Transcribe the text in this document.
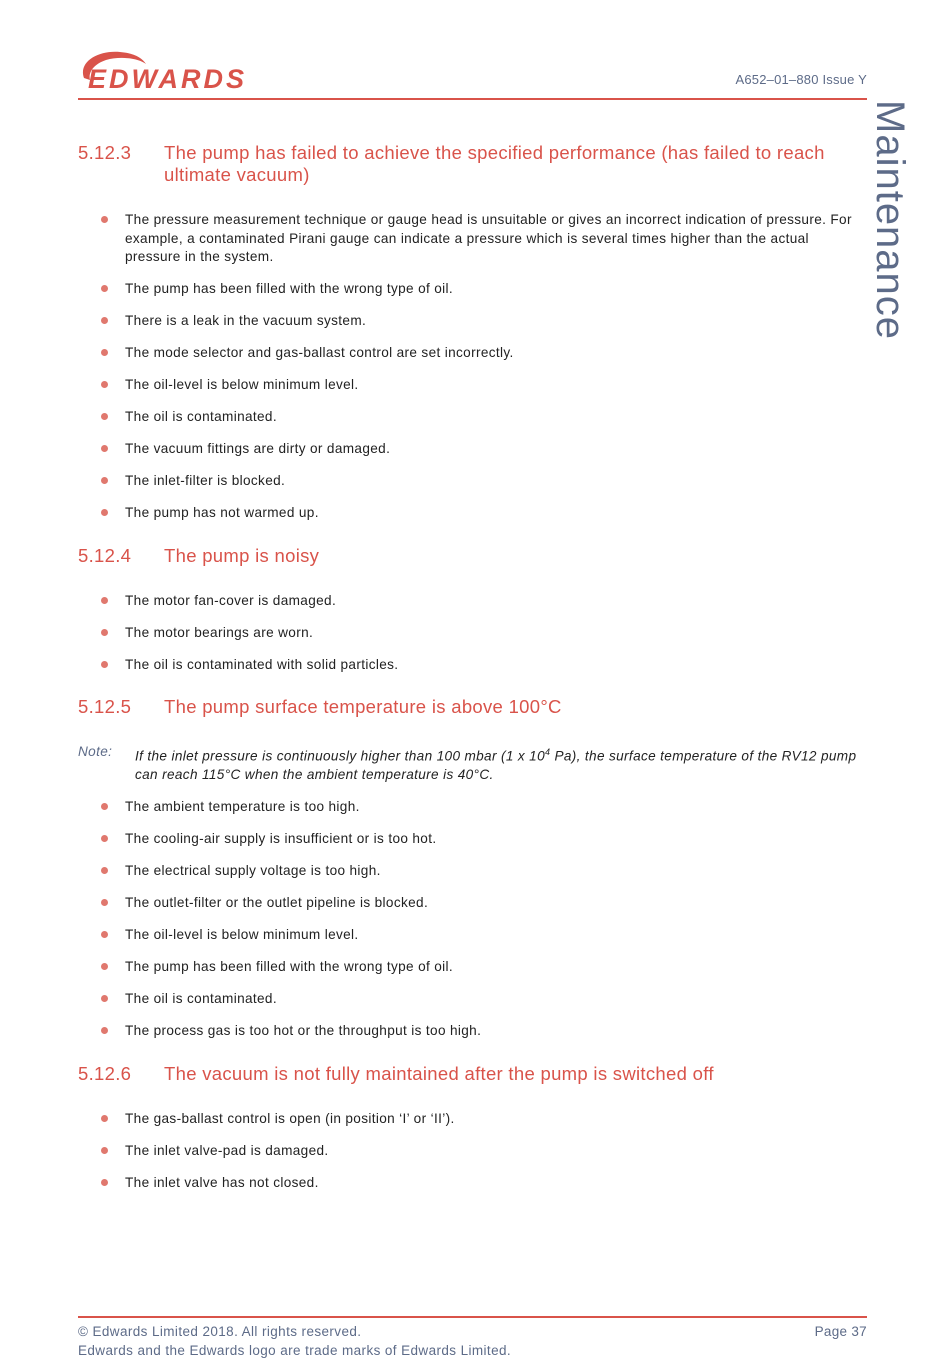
EDWARDS	A652–01–880 Issue Y
Maintenance
5.12.3	The pump has failed to achieve the specified performance (has failed to reach ultimate vacuum)
The pressure measurement technique or gauge head is unsuitable or gives an incorrect indication of pressure. For example, a contaminated Pirani gauge can indicate a pressure which is several times higher than the actual pressure in the system.
The pump has been filled with the wrong type of oil.
There is a leak in the vacuum system.
The mode selector and gas-ballast control are set incorrectly.
The oil-level is below minimum level.
The oil is contaminated.
The vacuum fittings are dirty or damaged.
The inlet-filter is blocked.
The pump has not warmed up.
5.12.4	The pump is noisy
The motor fan-cover is damaged.
The motor bearings are worn.
The oil is contaminated with solid particles.
5.12.5	The pump surface temperature is above 100°C
Note:	If the inlet pressure is continuously higher than 100 mbar (1 x $10^4$ Pa), the surface temperature of the RV12 pump can reach 115°C when the ambient temperature is 40°C.
The ambient temperature is too high.
The cooling-air supply is insufficient or is too hot.
The electrical supply voltage is too high.
The outlet-filter or the outlet pipeline is blocked.
The oil-level is below minimum level.
The pump has been filled with the wrong type of oil.
The oil is contaminated.
The process gas is too hot or the throughput is too high.
5.12.6	The vacuum is not fully maintained after the pump is switched off
The gas-ballast control is open (in position ‘I’ or ‘II’).
The inlet valve-pad is damaged.
The inlet valve has not closed.
© Edwards Limited 2018. All rights reserved.
Edwards and the Edwards logo are trade marks of Edwards Limited.
Page 37
